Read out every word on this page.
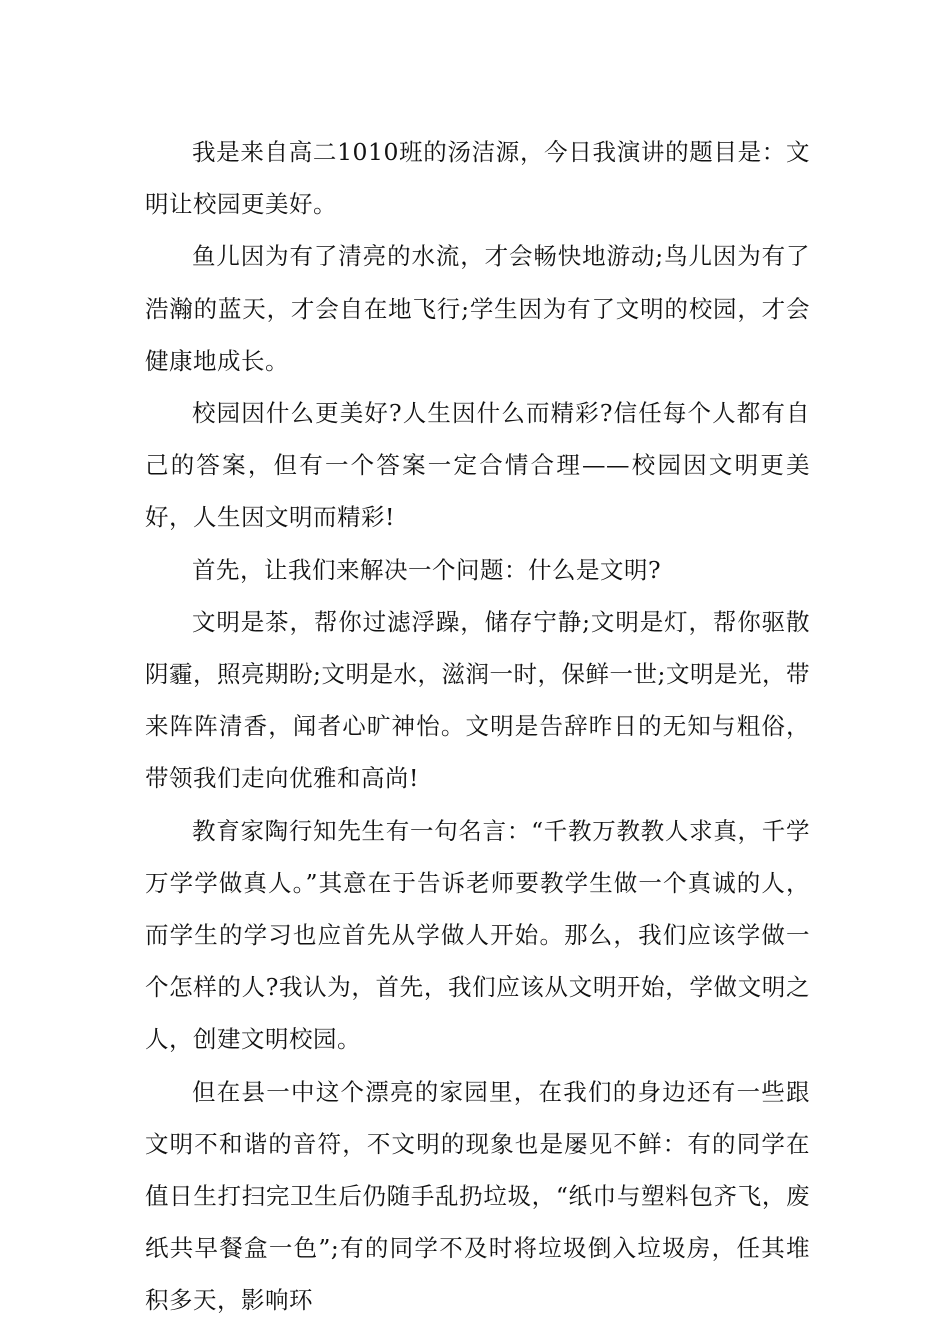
我是来自高二1010班的汤洁源，今日我演讲的题目是：文明让校园更美好。

鱼儿因为有了清亮的水流，才会畅快地游动;鸟儿因为有了浩瀚的蓝天，才会自在地飞行;学生因为有了文明的校园，才会健康地成长。

校园因什么更美好?人生因什么而精彩?信任每个人都有自己的答案，但有一个答案一定合情合理——校园因文明更美好，人生因文明而精彩!

首先，让我们来解决一个问题：什么是文明?

文明是茶，帮你过滤浮躁，储存宁静;文明是灯，帮你驱散阴霾，照亮期盼;文明是水，滋润一时，保鲜一世;文明是光，带来阵阵清香，闻者心旷神怡。文明是告辞昨日的无知与粗俗，带领我们走向优雅和高尚!

教育家陶行知先生有一句名言：“千教万教教人求真，千学万学学做真人。”其意在于告诉老师要教学生做一个真诚的人，而学生的学习也应首先从学做人开始。那么，我们应该学做一个怎样的人?我认为，首先，我们应该从文明开始，学做文明之人，创建文明校园。

但在县一中这个漂亮的家园里，在我们的身边还有一些跟文明不和谐的音符，不文明的现象也是屡见不鲜：有的同学在值日生打扫完卫生后仍随手乱扔垃圾，“纸巾与塑料包齐飞，废纸共早餐盒一色”;有的同学不及时将垃圾倒入垃圾房，任其堆积多天，影响环
